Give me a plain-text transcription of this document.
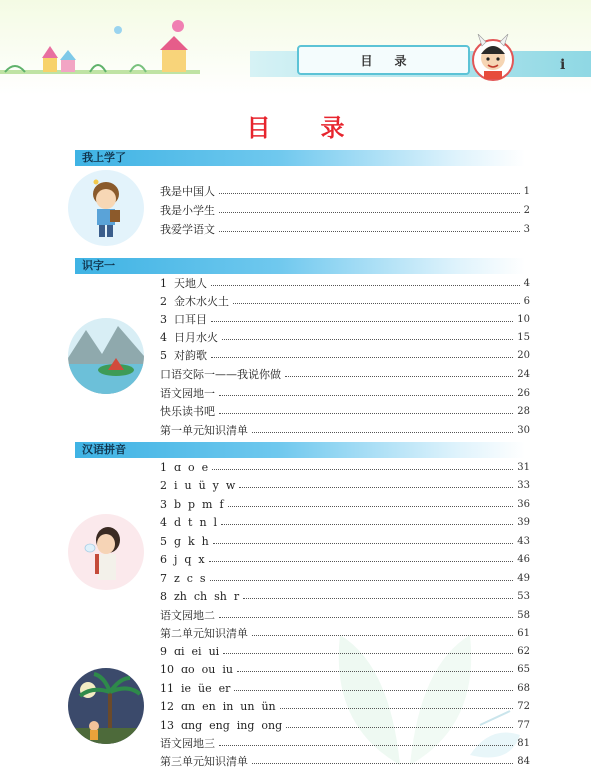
目 录	i
目 录
我上学了
我是中国人	1
我是小学生	2
我爱学语文	3
识字一
1  天地人	4
2  金木水火土	6
3  口耳目	10
4  日月水火	15
5  对韵歌	20
口语交际一——我说你做	24
语文园地一	26
快乐读书吧	28
第一单元知识清单	30
汉语拼音
1  ɑ  o  e	31
2  i  u  ü  y  w	33
3  b  p  m  f	36
4  d  t  n  l	39
5  g  k  h	43
6  j  q  x	46
7  z  c  s	49
8  zh  ch  sh  r	53
语文园地二	58
第二单元知识清单	61
9  ɑi  ei  ui	62
10  ɑo  ou  iu	65
11  ie  üe  er	68
12  ɑn  en  in  un  ün	72
13  ɑng  eng  ing  ong	77
语文园地三	81
第三单元知识清单	84
